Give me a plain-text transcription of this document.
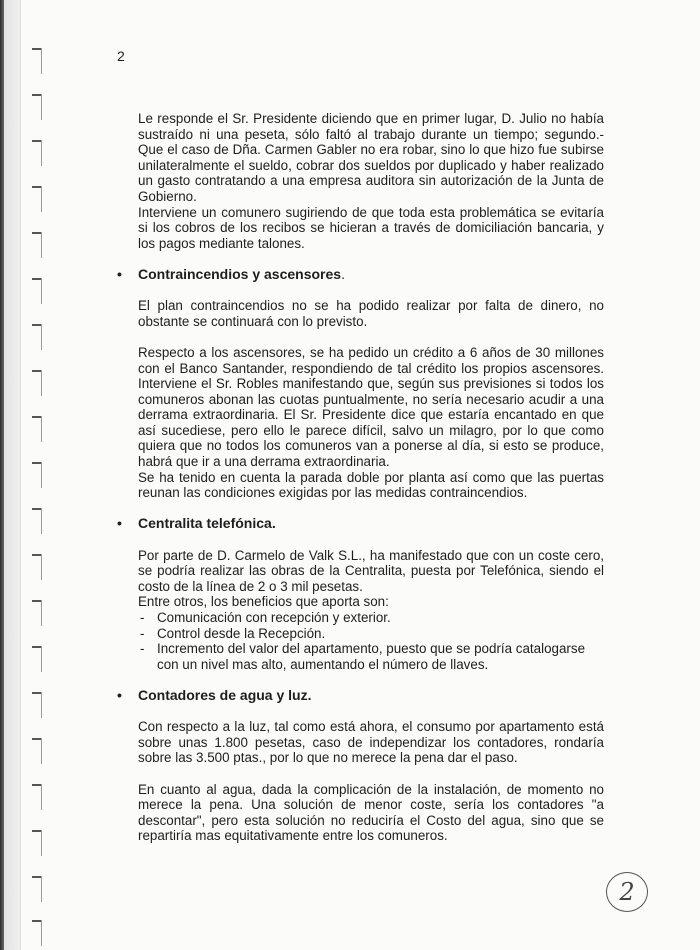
2

Le responde el Sr. Presidente diciendo que en primer lugar, D. Julio no había sustraído ni una peseta, sólo faltó al trabajo durante un tiempo; segundo.- Que el caso de Dña. Carmen Gabler no era robar, sino lo que hizo fue subirse unilateralmente el sueldo, cobrar dos sueldos por duplicado y haber realizado un gasto contratando a una empresa auditora sin autorización de la Junta de Gobierno.

Interviene un comunero sugiriendo de que toda esta problemática se evitaría si los cobros de los recibos se hicieran a través de domiciliación bancaria, y los pagos mediante talones.

• Contraincendios y ascensores.

El plan contraincendios no se ha podido realizar por falta de dinero, no obstante se continuará con lo previsto.

Respecto a los ascensores, se ha pedido un crédito a 6 años de 30 millones con el Banco Santander, respondiendo de tal crédito los propios ascensores. Interviene el Sr. Robles manifestando que, según sus previsiones si todos los comuneros abonan las cuotas puntualmente, no sería necesario acudir a una derrama extraordinaria. El Sr. Presidente dice que estaría encantado en que así sucediese, pero ello le parece difícil, salvo un milagro, por lo que como quiera que no todos los comuneros van a ponerse al día, si esto se produce, habrá que ir a una derrama extraordinaria.

Se ha tenido en cuenta la parada doble por planta así como que las puertas reunan las condiciones exigidas por las medidas contraincendios.

• Centralita telefónica.

Por parte de D. Carmelo de Valk S.L., ha manifestado que con un coste cero, se podría realizar las obras de la Centralita, puesta por Telefónica, siendo el costo de la línea de 2 o 3 mil pesetas.

Entre otros, los beneficios que aporta son:

- Comunicación con recepción y exterior.
- Control desde la Recepción.
- Incremento del valor del apartamento, puesto que se podría catalogarse con un nivel mas alto, aumentando el número de llaves.
• Contadores de agua y luz.

Con respecto a la luz, tal como está ahora, el consumo por apartamento está sobre unas 1.800 pesetas, caso de independizar los contadores, rondaría sobre las 3.500 ptas., por lo que no merece la pena dar el paso.

En cuanto al agua, dada la complicación de la instalación, de momento no merece la pena. Una solución de menor coste, sería los contadores "a descontar", pero esta solución no reduciría el Costo del agua, sino que se repartiría mas equitativamente entre los comuneros.

2
